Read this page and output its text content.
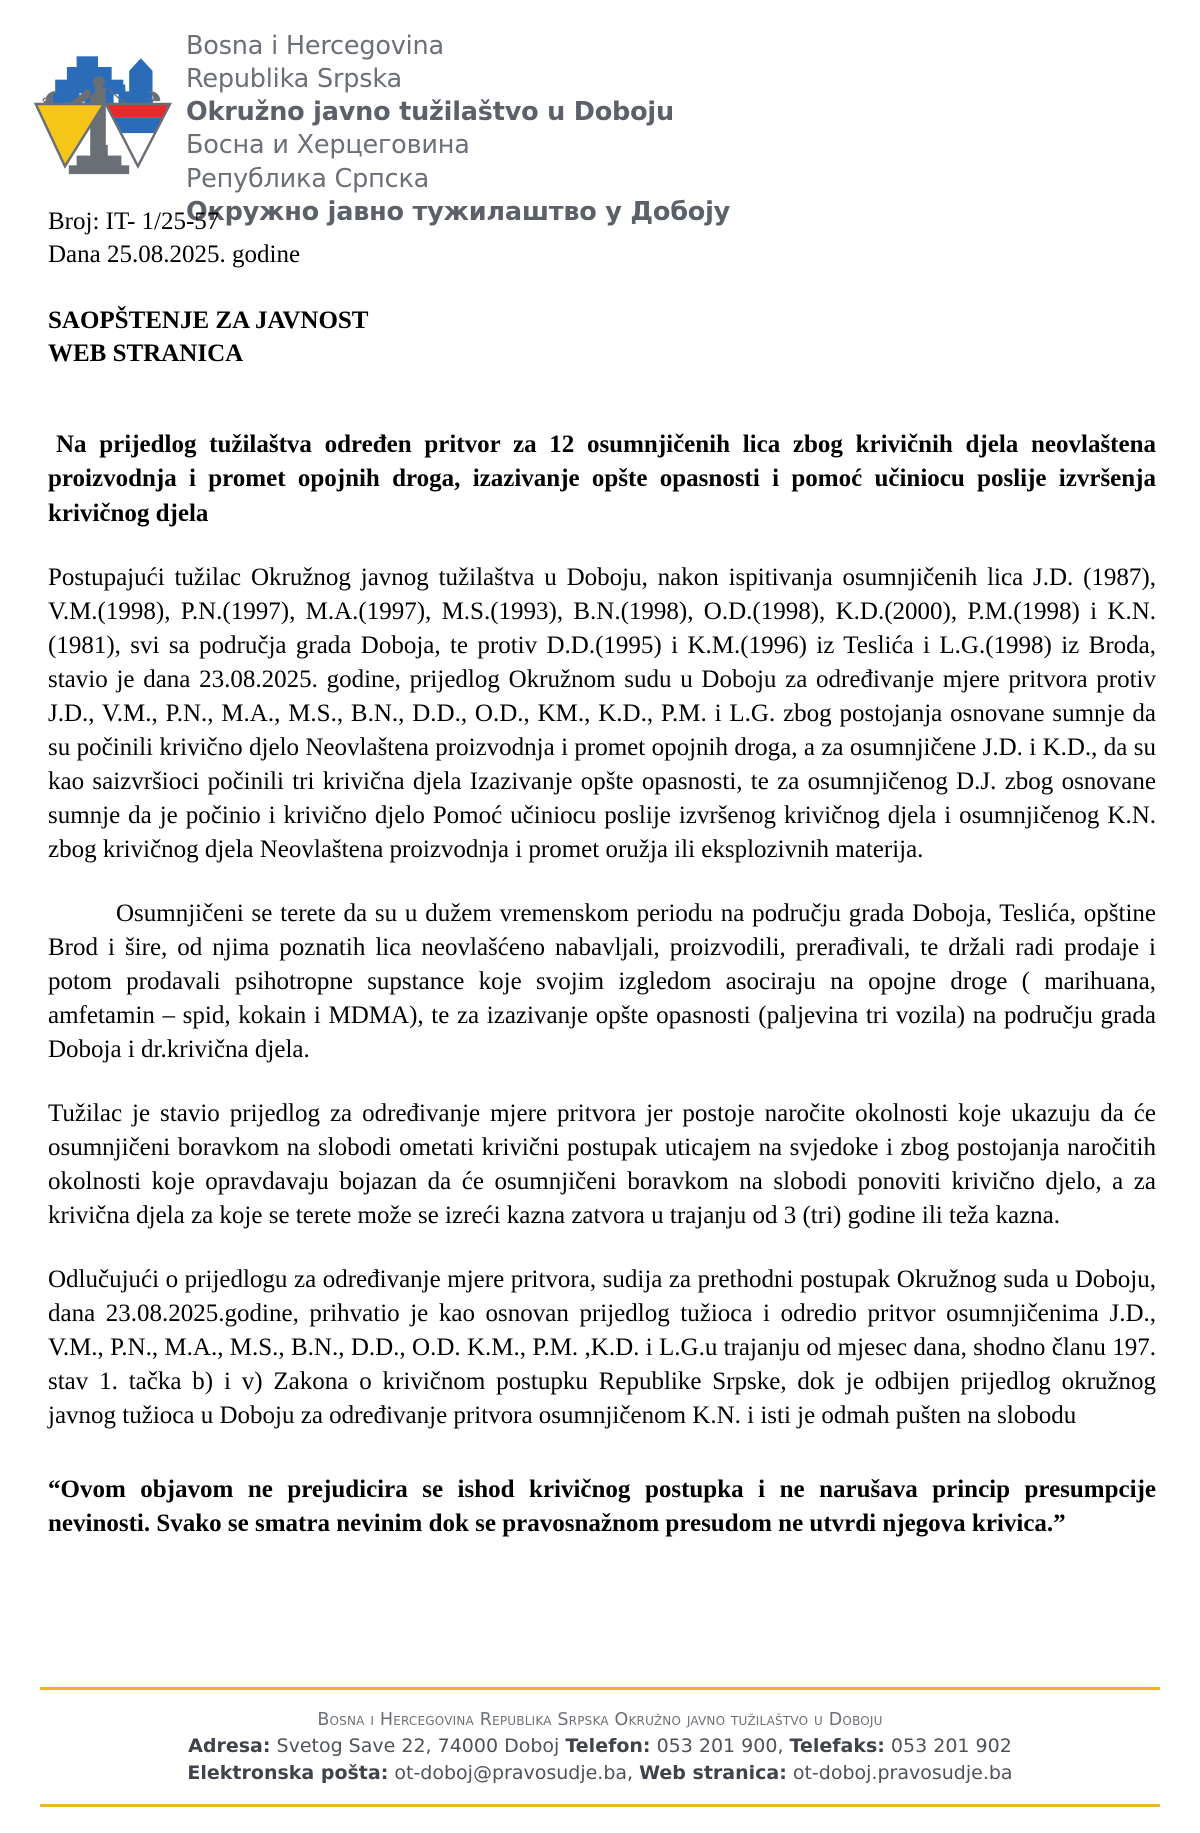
Bosna i Hercegovina
Republika Srpska
Okružno javno tužilaštvo u Doboju
Босна и Херцеговина
Република Српска
Окружно јавно тужилаштво у Добоју
Broj: IT- 1/25-57
Dana 25.08.2025. godine
SAOPŠTENJE ZA JAVNOST
WEB STRANICA
Na prijedlog tužilaštva određen pritvor za 12 osumnjičenih lica zbog krivičnih djela neovlaštena proizvodnja i promet opojnih droga, izazivanje opšte opasnosti i pomoć učiniocu poslije izvršenja krivičnog djela

Postupajući tužilac Okružnog javnog tužilaštva u Doboju, nakon ispitivanja osumnjičenih lica J.D. (1987), V.M.(1998), P.N.(1997), M.A.(1997), M.S.(1993), B.N.(1998), O.D.(1998), K.D.(2000), P.M.(1998) i K.N.(1981), svi sa područja grada Doboja, te protiv D.D.(1995) i K.M.(1996) iz Teslića i L.G.(1998) iz Broda, stavio je dana 23.08.2025. godine, prijedlog Okružnom sudu u Doboju za određivanje mjere pritvora protiv J.D., V.M., P.N., M.A., M.S., B.N., D.D., O.D., KM., K.D., P.M. i L.G. zbog postojanja osnovane sumnje da su počinili krivično djelo Neovlaštena proizvodnja i promet opojnih droga, a za osumnjičene J.D. i K.D., da su kao saizvršioci počinili tri krivična djela Izazivanje opšte opasnosti, te za osumnjičenog D.J. zbog osnovane sumnje da je počinio i krivično djelo Pomoć učiniocu poslije izvršenog krivičnog djela i osumnjičenog K.N. zbog krivičnog djela Neovlaštena proizvodnja i promet oružja ili eksplozivnih materija.

Osumnjičeni se terete da su u dužem vremenskom periodu na području grada Doboja, Teslića, opštine Brod i šire, od njima poznatih lica neovlašćeno nabavljali, proizvodili, prerađivali, te držali radi prodaje i potom prodavali psihotropne supstance koje svojim izgledom asociraju na opojne droge ( marihuana, amfetamin – spid, kokain i MDMA), te za izazivanje opšte opasnosti (paljevina tri vozila) na području grada Doboja i dr.krivična djela.

Tužilac je stavio prijedlog za određivanje mjere pritvora jer postoje naročite okolnosti koje ukazuju da će osumnjičeni boravkom na slobodi ometati krivični postupak uticajem na svjedoke i zbog postojanja naročitih okolnosti koje opravdavaju bojazan da će osumnjičeni boravkom na slobodi ponoviti krivično djelo, a za krivična djela za koje se terete može se izreći kazna zatvora u trajanju od 3 (tri) godine ili teža kazna.

Odlučujući o prijedlogu za određivanje mjere pritvora, sudija za prethodni postupak Okružnog suda u Doboju, dana 23.08.2025.godine, prihvatio je kao osnovan prijedlog tužioca i odredio pritvor osumnjičenima J.D., V.M., P.N., M.A., M.S., B.N., D.D., O.D. K.M., P.M. ,K.D. i L.G.u trajanju od mjesec dana, shodno članu 197. stav 1. tačka b) i v) Zakona o krivičnom postupku Republike Srpske, dok je odbijen prijedlog okružnog javnog tužioca u Doboju za određivanje pritvora osumnjičenom K.N. i isti je odmah pušten na slobodu

“Ovom objavom ne prejudicira se ishod krivičnog postupka i ne narušava princip presumpcije nevinosti. Svako se smatra nevinim dok se pravosnažnom presudom ne utvrdi njegova krivica.”

Bosna i Hercegovina Republika Srpska Okružno javno tužilaštvo u Doboju
Adresa: Svetog Save 22, 74000 Doboj Telefon: 053 201 900, Telefaks: 053 201 902
Elektronska pošta: ot-doboj@pravosudje.ba, Web stranica: ot-doboj.pravosudje.ba
